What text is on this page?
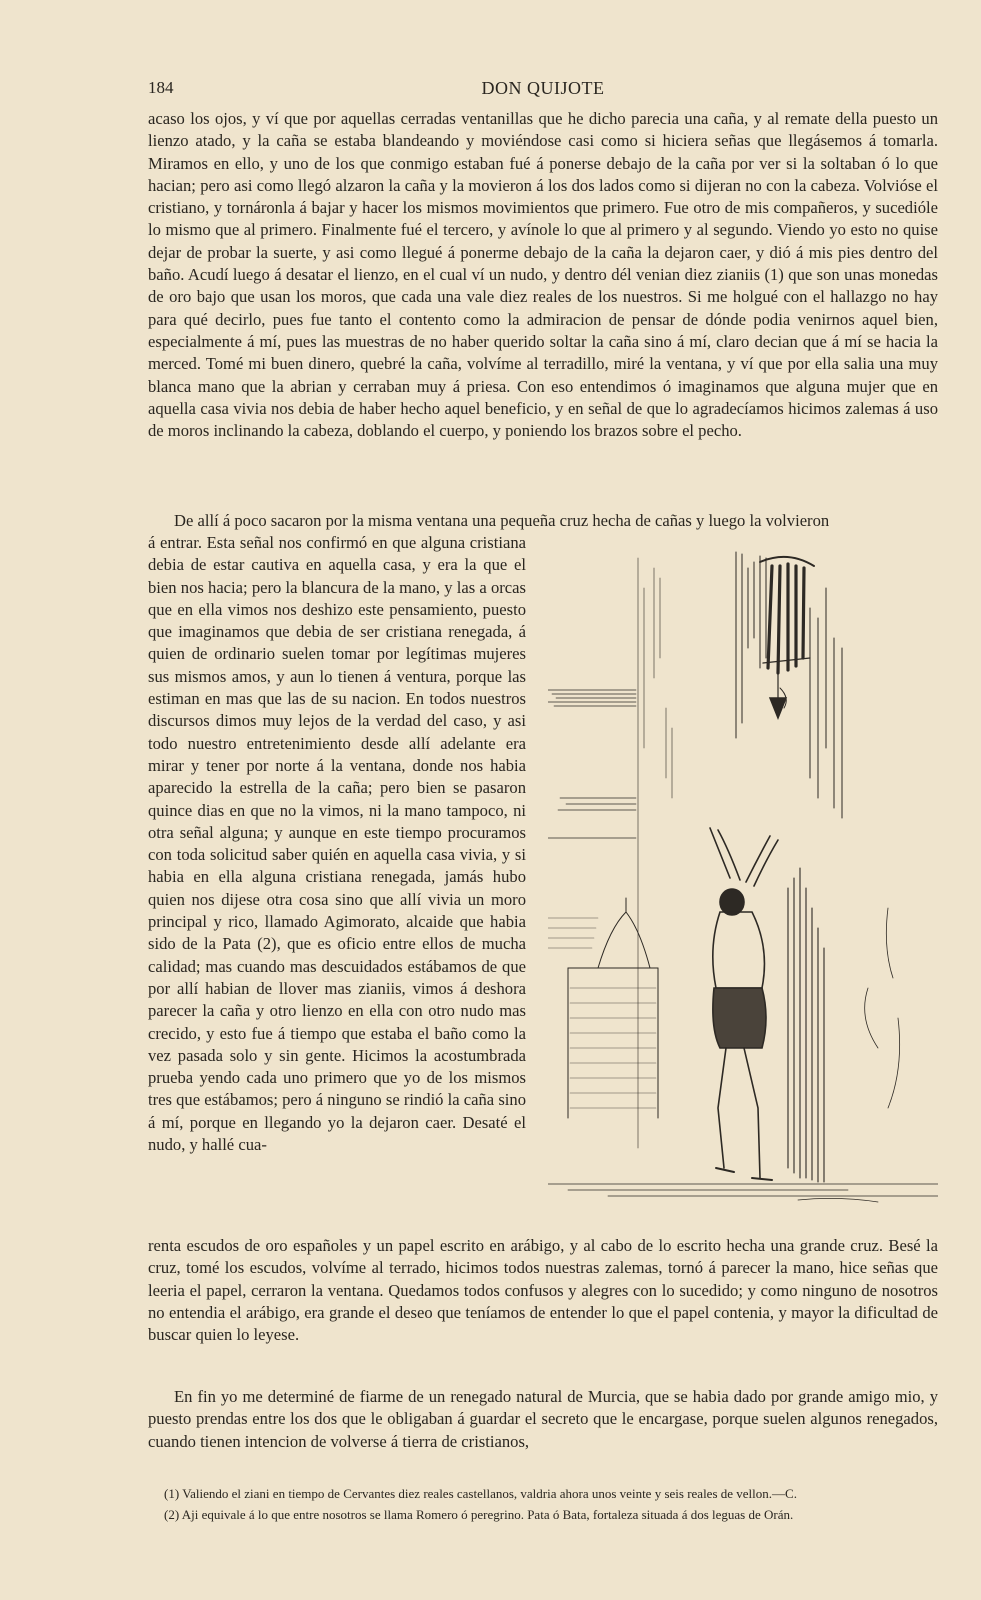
184	DON QUIJOTE

acaso los ojos, y ví que por aquellas cerradas ventanillas que he dicho parecia una caña, y al remate della puesto un lienzo atado, y la caña se estaba blandeando y moviéndose casi como si hiciera señas que llegásemos á tomarla. Miramos en ello, y uno de los que conmigo estaban fué á ponerse debajo de la caña por ver si la soltaban ó lo que hacian; pero asi como llegó alzaron la caña y la movieron á los dos lados como si dijeran no con la cabeza. Volvióse el cristiano, y tornáronla á bajar y hacer los mismos movimientos que primero. Fue otro de mis compañeros, y sucedióle lo mismo que al primero. Finalmente fué el tercero, y avínole lo que al primero y al segundo. Viendo yo esto no quise dejar de probar la suerte, y asi como llegué á ponerme debajo de la caña la dejaron caer, y dió á mis pies dentro del baño. Acudí luego á desatar el lienzo, en el cual ví un nudo, y dentro dél venian diez zianiis (1) que son unas monedas de oro bajo que usan los moros, que cada una vale diez reales de los nuestros. Si me holgué con el hallazgo no hay para qué decirlo, pues fue tanto el contento como la admiracion de pensar de dónde podia venirnos aquel bien, especialmente á mí, pues las muestras de no haber querido soltar la caña sino á mí, claro decian que á mí se hacia la merced. Tomé mi buen dinero, quebré la caña, volvíme al terradillo, miré la ventana, y ví que por ella salia una muy blanca mano que la abrian y cerraban muy á priesa. Con eso entendimos ó imaginamos que alguna mujer que en aquella casa vivia nos debia de haber hecho aquel beneficio, y en señal de que lo agradecíamos hicimos zalemas á uso de moros inclinando la cabeza, doblando el cuerpo, y poniendo los brazos sobre el pecho.

De allí á poco sacaron por la misma ventana una pequeña cruz hecha de cañas y luego la volvieron

á entrar. Esta señal nos confirmó en que alguna cristiana debia de estar cautiva en aquella casa, y era la que el bien nos hacia; pero la blancura de la mano, y las a orcas que en ella vimos nos deshizo este pensamiento, puesto que imaginamos que debia de ser cristiana renegada, á quien de ordinario suelen tomar por legítimas mujeres sus mismos amos, y aun lo tienen á ventura, porque las estiman en mas que las de su nacion. En todos nuestros discursos dimos muy lejos de la verdad del caso, y asi todo nuestro entretenimiento desde allí adelante era mirar y tener por norte á la ventana, donde nos habia aparecido la estrella de la caña; pero bien se pasaron quince dias en que no la vimos, ni la mano tampoco, ni otra señal alguna; y aunque en este tiempo procuramos con toda solicitud saber quién en aquella casa vivia, y si habia en ella alguna cristiana renegada, jamás hubo quien nos dijese otra cosa sino que allí vivia un moro principal y rico, llamado Agimorato, alcaide que habia sido de la Pata (2), que es oficio entre ellos de mucha calidad; mas cuando mas descuidados estábamos de que por allí habian de llover mas zianiis, vimos á deshora parecer la caña y otro lienzo en ella con otro nudo mas crecido, y esto fue á tiempo que estaba el baño como la vez pasada solo y sin gente. Hicimos la acostumbrada prueba yendo cada uno primero que yo de los mismos tres que estábamos; pero á ninguno se rindió la caña sino á mí, porque en llegando yo la dejaron caer. Desaté el nudo, y hallé cua-

renta escudos de oro españoles y un papel escrito en arábigo, y al cabo de lo escrito hecha una grande cruz. Besé la cruz, tomé los escudos, volvíme al terrado, hicimos todos nuestras zalemas, tornó á parecer la mano, hice señas que leeria el papel, cerraron la ventana. Quedamos todos confusos y alegres con lo sucedido; y como ninguno de nosotros no entendia el arábigo, era grande el deseo que teníamos de entender lo que el papel contenia, y mayor la dificultad de buscar quien lo leyese.

En fin yo me determiné de fiarme de un renegado natural de Murcia, que se habia dado por grande amigo mio, y puesto prendas entre los dos que le obligaban á guardar el secreto que le encargase, porque suelen algunos renegados, cuando tienen intencion de volverse á tierra de cristianos,

(1) Valiendo el ziani en tiempo de Cervantes diez reales castellanos, valdria ahora unos veinte y seis reales de vellon.—C.

(2) Aji equivale á lo que entre nosotros se llama Romero ó peregrino. Pata ó Bata, fortaleza situada á dos leguas de Orán.
